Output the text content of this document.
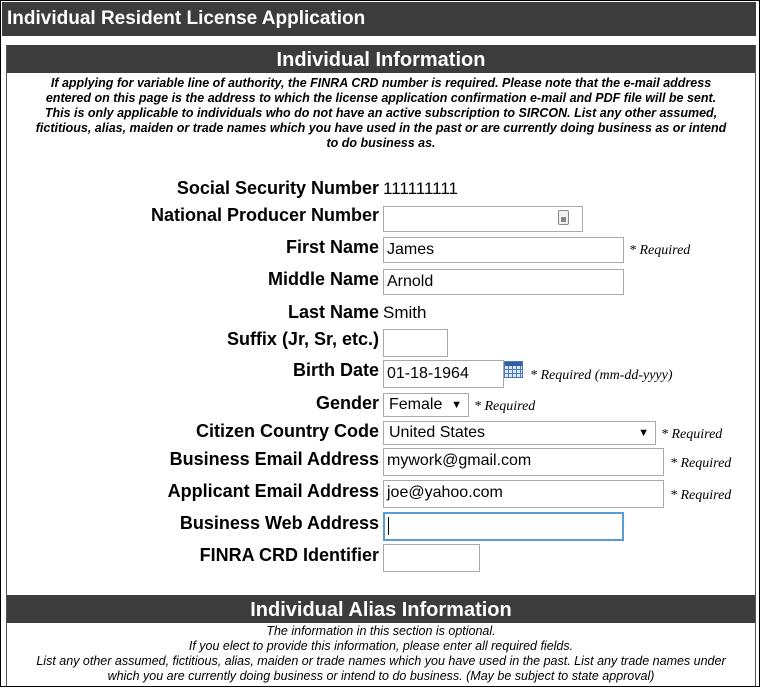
Individual Resident License Application
Individual Information
If applying for variable line of authority, the FINRA CRD number is required. Please note that the e-mail address
entered on this page is the address to which the license application confirmation e-mail and PDF file will be sent.
This is only applicable to individuals who do not have an active subscription to SIRCON. List any other assumed,
fictitious, alias, maiden or trade names which you have used in the past or are currently doing business as or intend
to do business as.
Social Security Number 111111111
National Producer Number
First Name James	* Required
Middle Name Arnold
Last Name Smith
Suffix (Jr, Sr, etc.)
Birth Date 01-18-1964	* Required (mm-dd-yyyy)
Gender Female ▼ * Required
Citizen Country Code United States	▼ * Required
Business Email Address mywork@gmail.com	* Required
Applicant Email Address joe@yahoo.com	* Required
Business Web Address
FINRA CRD Identifier
Individual Alias Information
The information in this section is optional.
If you elect to provide this information, please enter all required fields.
List any other assumed, fictitious, alias, maiden or trade names which you have used in the past. List any trade names under
which you are currently doing business or intend to do business. (May be subject to state approval)
